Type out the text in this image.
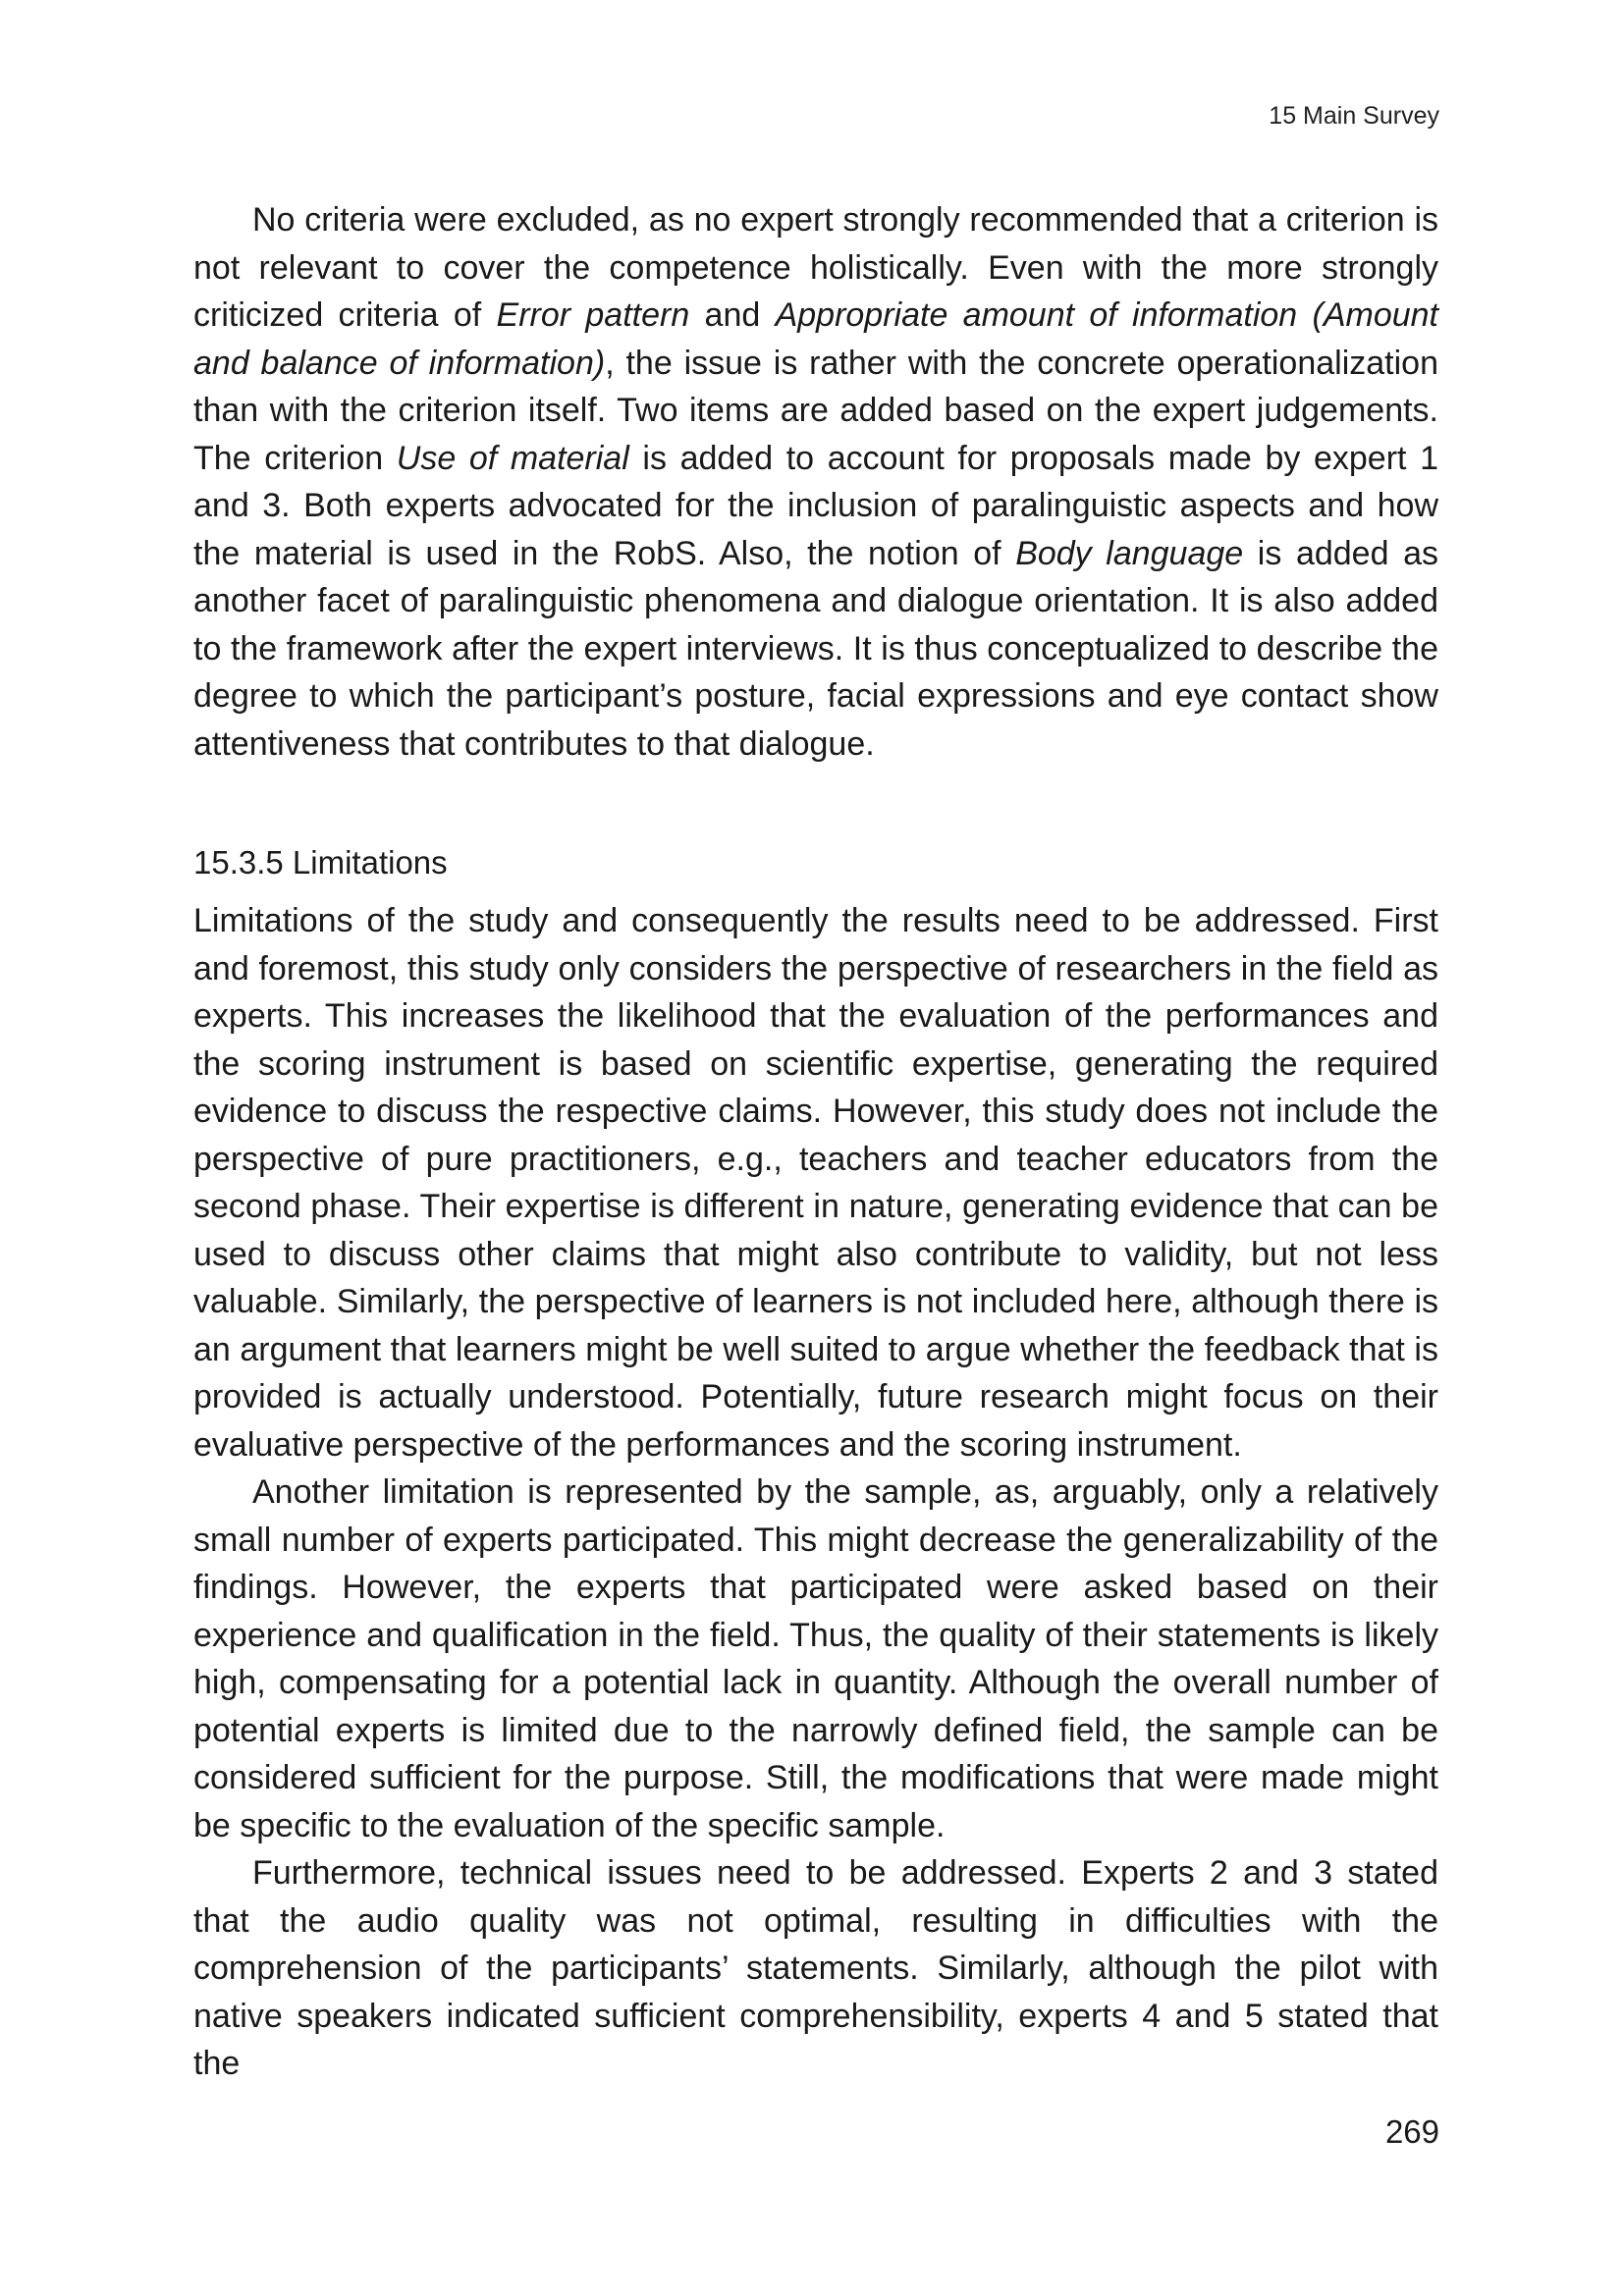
15 Main Survey

No criteria were excluded, as no expert strongly recommended that a criterion is not relevant to cover the competence holistically. Even with the more strongly criticized criteria of Error pattern and Appropriate amount of information (Amount and balance of information), the issue is rather with the concrete operationalization than with the criterion itself. Two items are added based on the expert judgements. The criterion Use of material is added to account for proposals made by expert 1 and 3. Both experts advocated for the inclusion of paralinguistic aspects and how the material is used in the RobS. Also, the notion of Body language is added as another facet of paralinguistic phenomena and dialogue orientation. It is also added to the framework after the expert interviews. It is thus conceptualized to describe the degree to which the participant’s posture, facial expressions and eye contact show attentiveness that contributes to that dialogue.

15.3.5 Limitations

Limitations of the study and consequently the results need to be addressed. First and foremost, this study only considers the perspective of researchers in the field as experts. This increases the likelihood that the evaluation of the performances and the scoring instrument is based on scientific expertise, generating the required evidence to discuss the respective claims. However, this study does not include the perspective of pure practitioners, e.g., teachers and teacher educators from the second phase. Their expertise is different in nature, generating evidence that can be used to discuss other claims that might also contribute to validity, but not less valuable. Similarly, the perspective of learners is not included here, although there is an argument that learners might be well suited to argue whether the feedback that is provided is actually understood. Potentially, future research might focus on their evaluative perspective of the performances and the scoring instrument.

Another limitation is represented by the sample, as, arguably, only a relatively small number of experts participated. This might decrease the generalizability of the findings. However, the experts that participated were asked based on their experience and qualification in the field. Thus, the quality of their statements is likely high, compensating for a potential lack in quantity. Although the overall number of potential experts is limited due to the narrowly defined field, the sample can be considered sufficient for the purpose. Still, the modifications that were made might be specific to the evaluation of the specific sample.

Furthermore, technical issues need to be addressed. Experts 2 and 3 stated that the audio quality was not optimal, resulting in difficulties with the comprehension of the participants’ statements. Similarly, although the pilot with native speakers indicated sufficient comprehensibility, experts 4 and 5 stated that the

269
